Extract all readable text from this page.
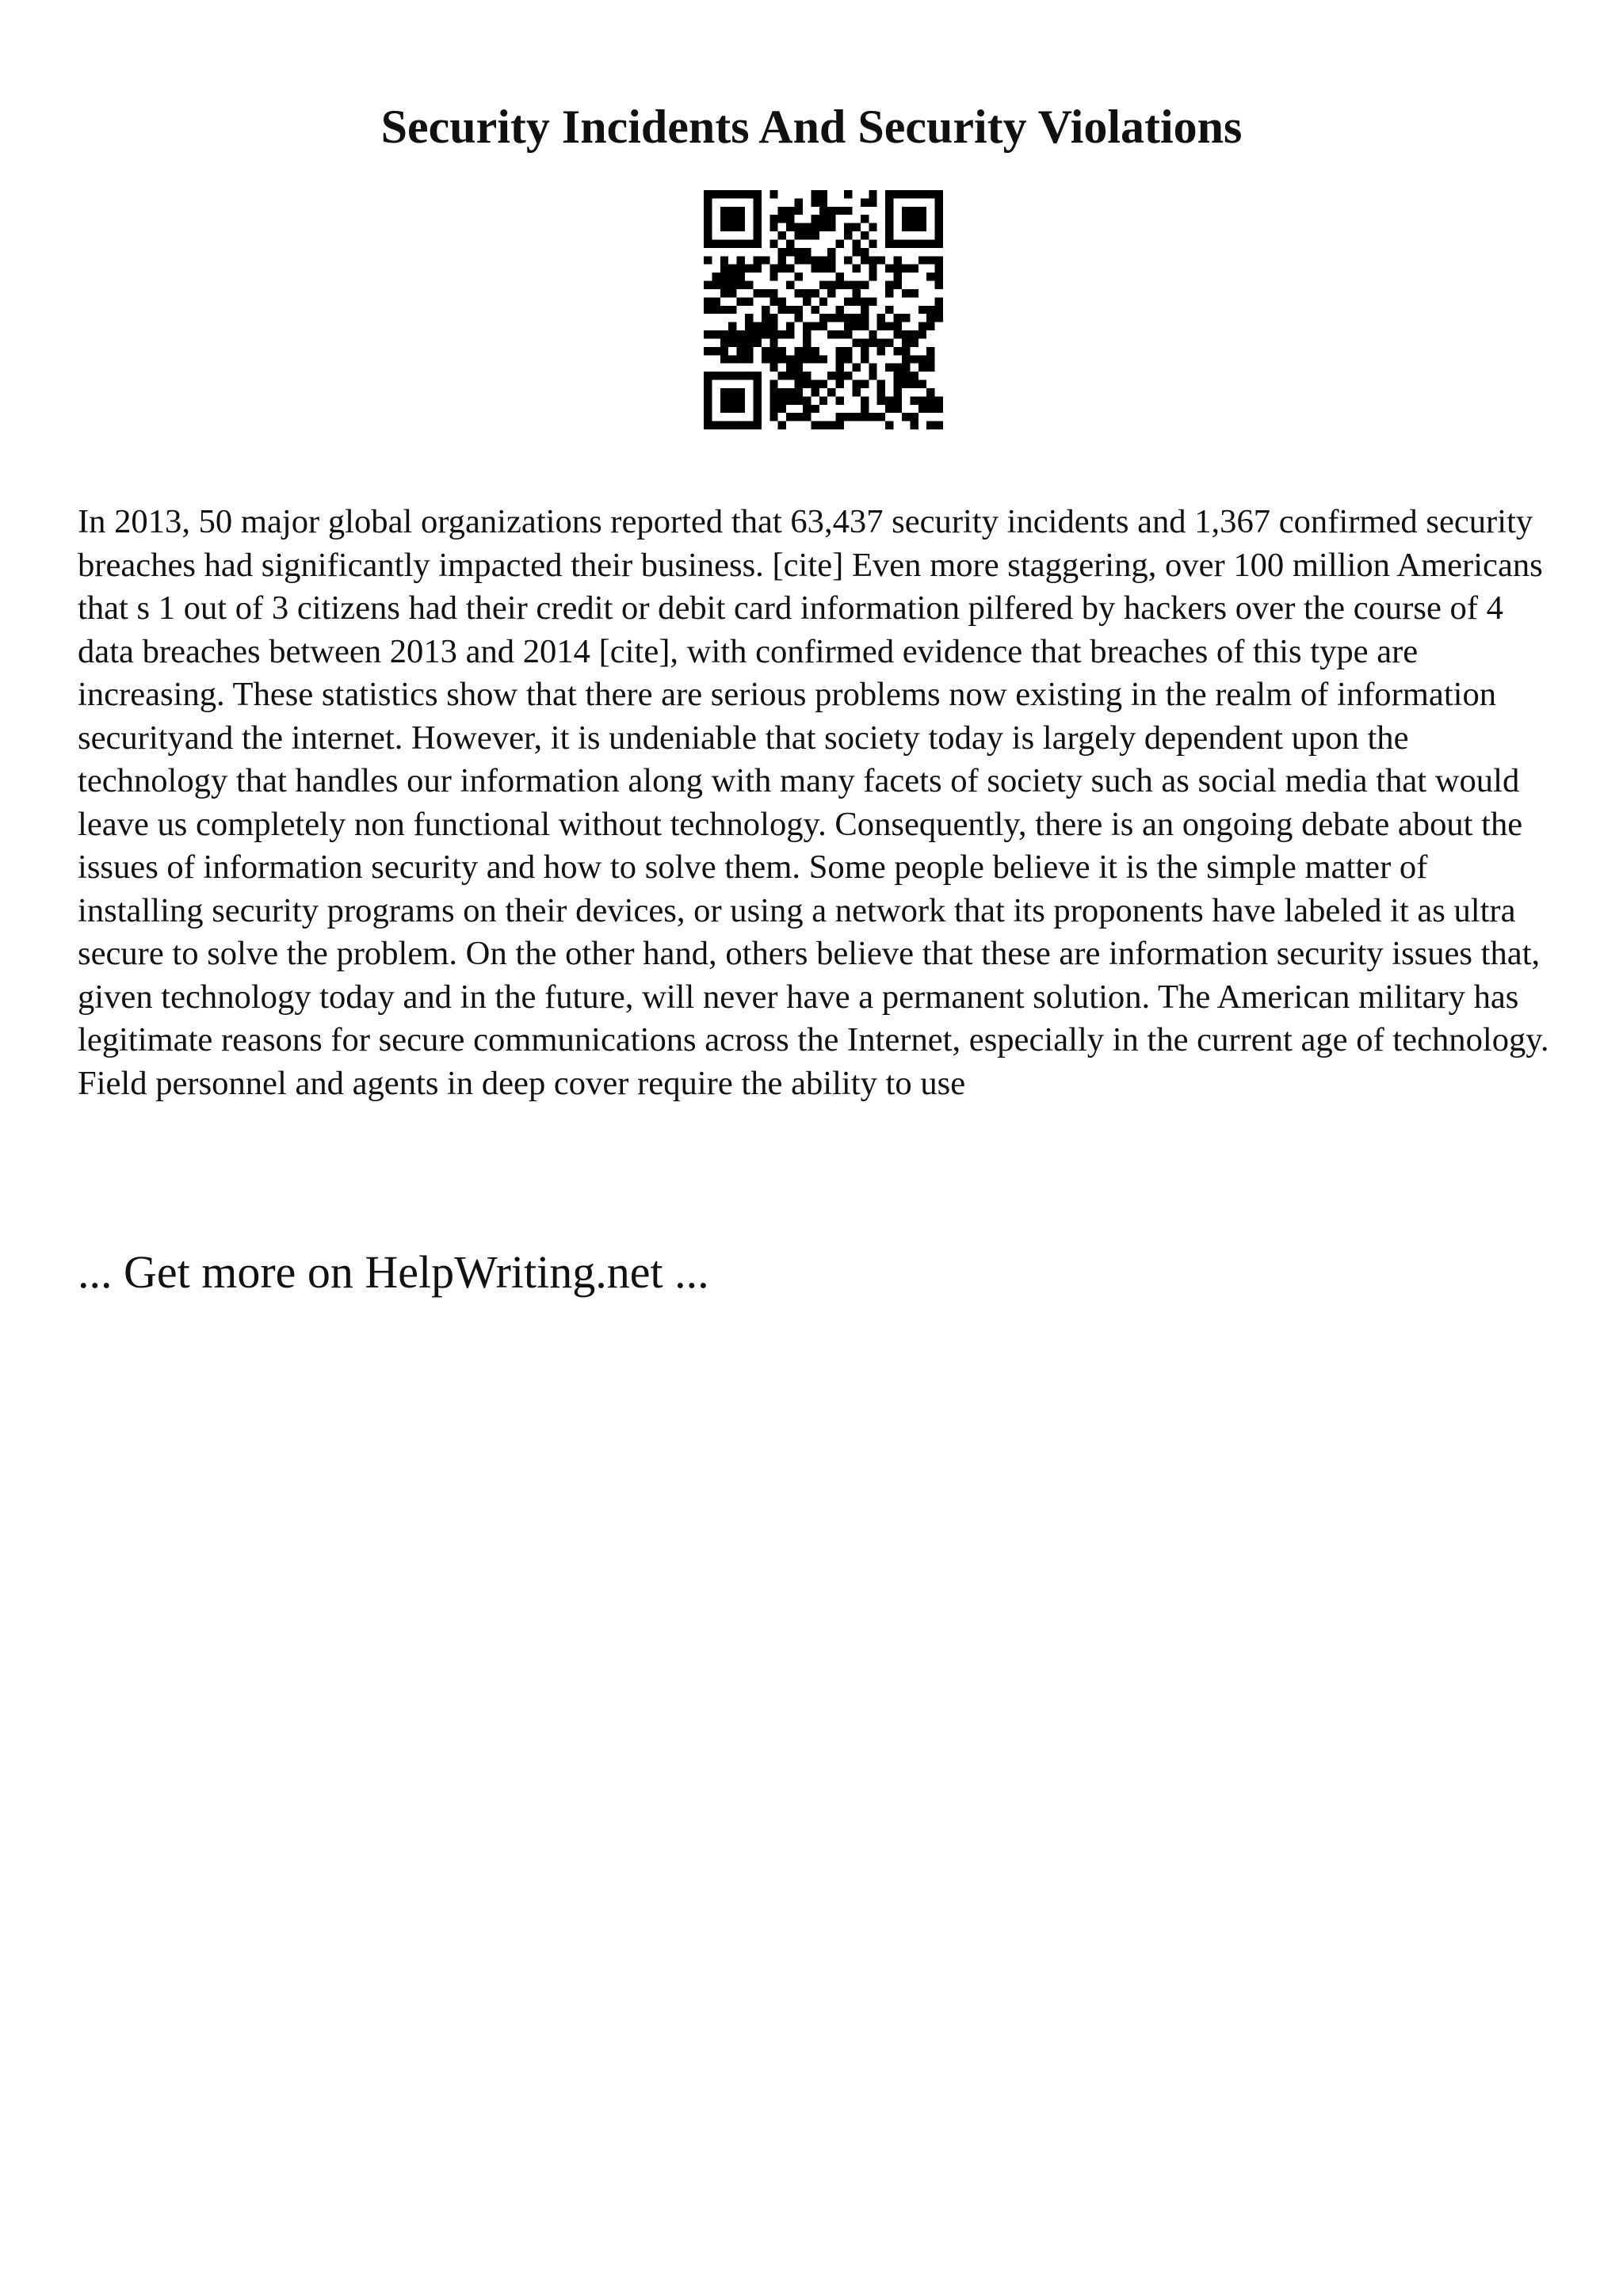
Security Incidents And Security Violations

In 2013, 50 major global organizations reported that 63,437 security incidents and 1,367 confirmed security breaches had significantly impacted their business. [cite] Even more staggering, over 100 million Americans that s 1 out of 3 citizens had their credit or debit card information pilfered by hackers over the course of 4 data breaches between 2013 and 2014 [cite], with confirmed evidence that breaches of this type are increasing. These statistics show that there are serious problems now existing in the realm of information securityand the internet. However, it is undeniable that society today is largely dependent upon the technology that handles our information along with many facets of society such as social media that would leave us completely non functional without technology. Consequently, there is an ongoing debate about the issues of information security and how to solve them. Some people believe it is the simple matter of installing security programs on their devices, or using a network that its proponents have labeled it as ultra secure to solve the problem. On the other hand, others believe that these are information security issues that, given technology today and in the future, will never have a permanent solution. The American military has legitimate reasons for secure communications across the Internet, especially in the current age of technology. Field personnel and agents in deep cover require the ability to use

... Get more on HelpWriting.net ...
